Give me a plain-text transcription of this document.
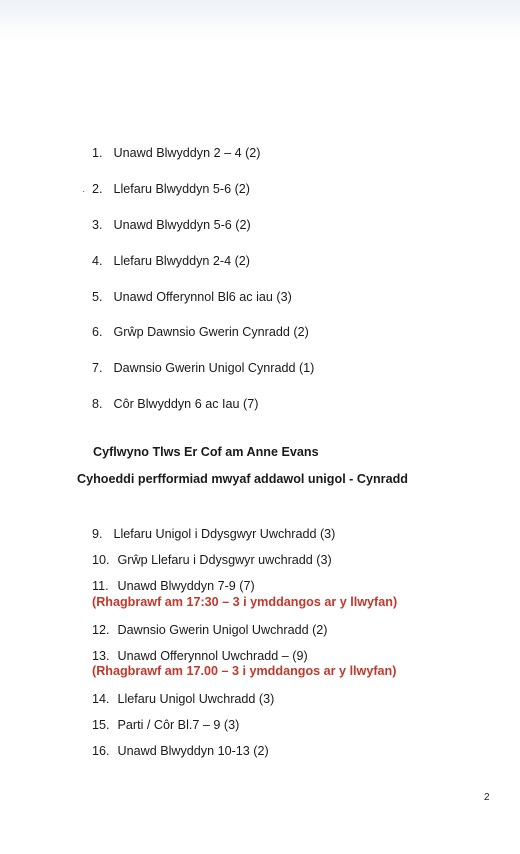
1. Unawd Blwyddyn 2 – 4 (2)
· 2. Llefaru Blwyddyn 5-6 (2)
3. Unawd Blwyddyn 5-6 (2)
4. Llefaru Blwyddyn 2-4 (2)
5. Unawd Offerynnol Bl6 ac iau (3)
6. Grŵp Dawnsio Gwerin Cynradd (2)
7. Dawnsio Gwerin Unigol Cynradd (1)
8. Côr Blwyddyn 6 ac Iau (7)
Cyflwyno Tlws Er Cof am Anne Evans
Cyhoeddi perfformiad mwyaf addawol unigol - Cynradd
9. Llefaru Unigol i Ddysgwyr Uwchradd (3)
10. Grŵp Llefaru i Ddysgwyr uwchradd (3)
11. Unawd Blwyddyn 7-9 (7)
(Rhagbrawf am 17:30 – 3 i ymddangos ar y llwyfan)
12. Dawnsio Gwerin Unigol Uwchradd (2)
13. Unawd Offerynnol Uwchradd – (9)
(Rhagbrawf am 17.00 – 3 i ymddangos ar y llwyfan)
14. Llefaru Unigol Uwchradd (3)
15. Parti / Côr Bl.7 – 9 (3)
16. Unawd Blwyddyn 10-13 (2)
2
